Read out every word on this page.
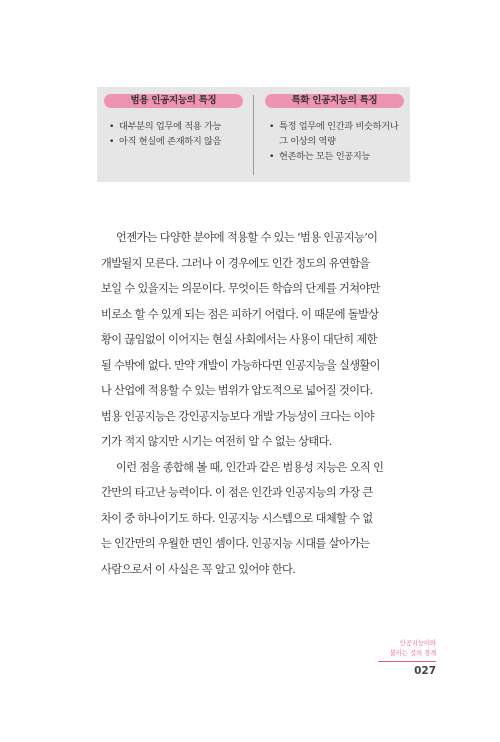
범용 인공지능의 특징
• 대부분의 업무에 적용 가능
• 아직 현실에 존재하지 않음
특화 인공지능의 특징
• 특정 업무에 인간과 비슷하거나
그 이상의 역량
• 현존하는 모든 인공지능

언젠가는 다양한 분야에 적용할 수 있는 ‘범용 인공지능’이
개발될지 모른다. 그러나 이 경우에도 인간 정도의 유연함을
보일 수 있을지는 의문이다. 무엇이든 학습의 단계를 거쳐야만
비로소 할 수 있게 되는 점은 피하기 어렵다. 이 때문에 돌발상
황이 끊임없이 이어지는 현실 사회에서는 사용이 대단히 제한
될 수밖에 없다. 만약 개발이 가능하다면 인공지능을 실생활이
나 산업에 적용할 수 있는 범위가 압도적으로 넓어질 것이다.
범용 인공지능은 강인공지능보다 개발 가능성이 크다는 이야
기가 적지 않지만 시기는 여전히 알 수 없는 상태다.

이런 점을 종합해 볼 때, 인간과 같은 범용성 지능은 오직 인
간만의 타고난 능력이다. 이 점은 인간과 인공지능의 가장 큰
차이 중 하나이기도 하다. 인공지능 시스템으로 대체할 수 없
는 인간만의 우월한 면인 셈이다. 인공지능 시대를 살아가는
사람으로서 이 사실은 꼭 알고 있어야 한다.

인공지능이와
불러는 것의 경계
027
